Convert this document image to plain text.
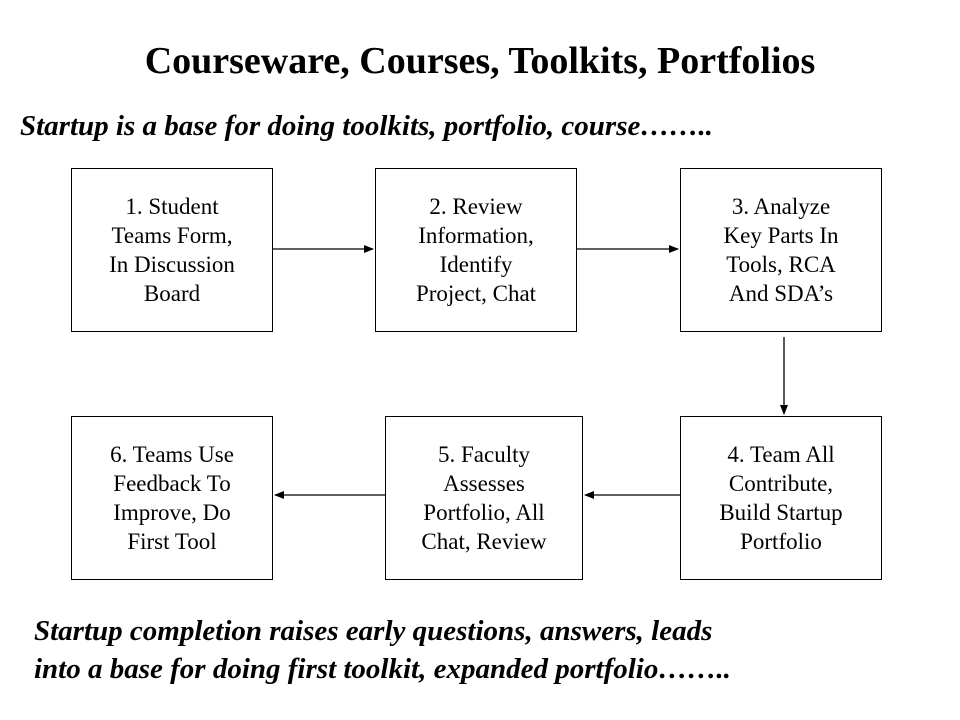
Courseware, Courses, Toolkits, Portfolios
Startup is a base for doing toolkits, portfolio, course……..
1. Student
Teams Form,
In Discussion
Board
2. Review
Information,
Identify
Project, Chat
3. Analyze
Key Parts In
Tools, RCA
And SDA’s
4. Team All
Contribute,
Build Startup
Portfolio
5. Faculty
Assesses
Portfolio, All
Chat, Review
6. Teams Use
Feedback To
Improve, Do
First Tool
Startup completion raises early questions, answers, leads
into a base for doing first toolkit, expanded portfolio……..
